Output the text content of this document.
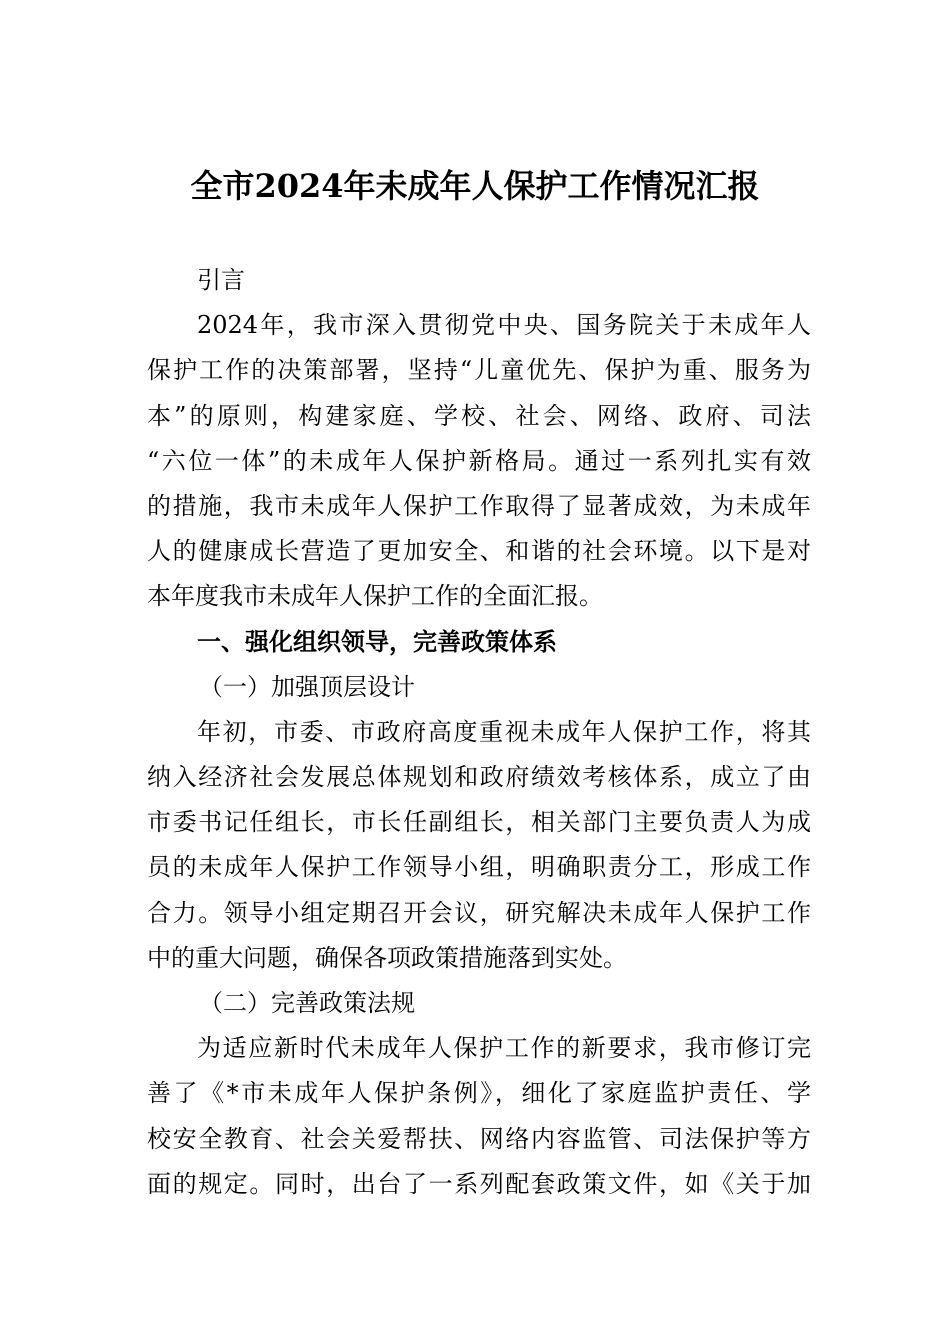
全市2024年未成年人保护工作情况汇报
引言
2024年，我市深入贯彻党中央、国务院关于未成年人
保护工作的决策部署，坚持“儿童优先、保护为重、服务为
本”的原则，构建家庭、学校、社会、网络、政府、司法
“六位一体”的未成年人保护新格局。通过一系列扎实有效
的措施，我市未成年人保护工作取得了显著成效，为未成年
人的健康成长营造了更加安全、和谐的社会环境。以下是对
本年度我市未成年人保护工作的全面汇报。
一、强化组织领导，完善政策体系
（一）加强顶层设计
年初，市委、市政府高度重视未成年人保护工作，将其
纳入经济社会发展总体规划和政府绩效考核体系，成立了由
市委书记任组长，市长任副组长，相关部门主要负责人为成
员的未成年人保护工作领导小组，明确职责分工，形成工作
合力。领导小组定期召开会议，研究解决未成年人保护工作
中的重大问题，确保各项政策措施落到实处。
（二）完善政策法规
为适应新时代未成年人保护工作的新要求，我市修订完
善了《*市未成年人保护条例》，细化了家庭监护责任、学
校安全教育、社会关爱帮扶、网络内容监管、司法保护等方
面的规定。同时，出台了一系列配套政策文件，如《关于加
